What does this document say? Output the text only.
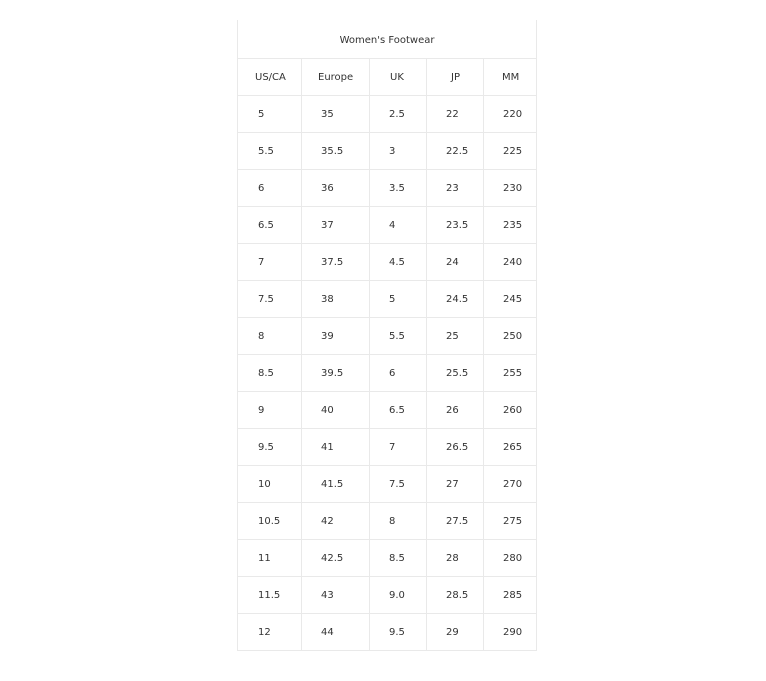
Women's Footwear				
US/CA	Europe	UK	JP	MM
5	35	2.5	22	220
5.5	35.5	3	22.5	225
6	36	3.5	23	230
6.5	37	4	23.5	235
7	37.5	4.5	24	240
7.5	38	5	24.5	245
8	39	5.5	25	250
8.5	39.5	6	25.5	255
9	40	6.5	26	260
9.5	41	7	26.5	265
10	41.5	7.5	27	270
10.5	42	8	27.5	275
11	42.5	8.5	28	280
11.5	43	9.0	28.5	285
12	44	9.5	29	290
